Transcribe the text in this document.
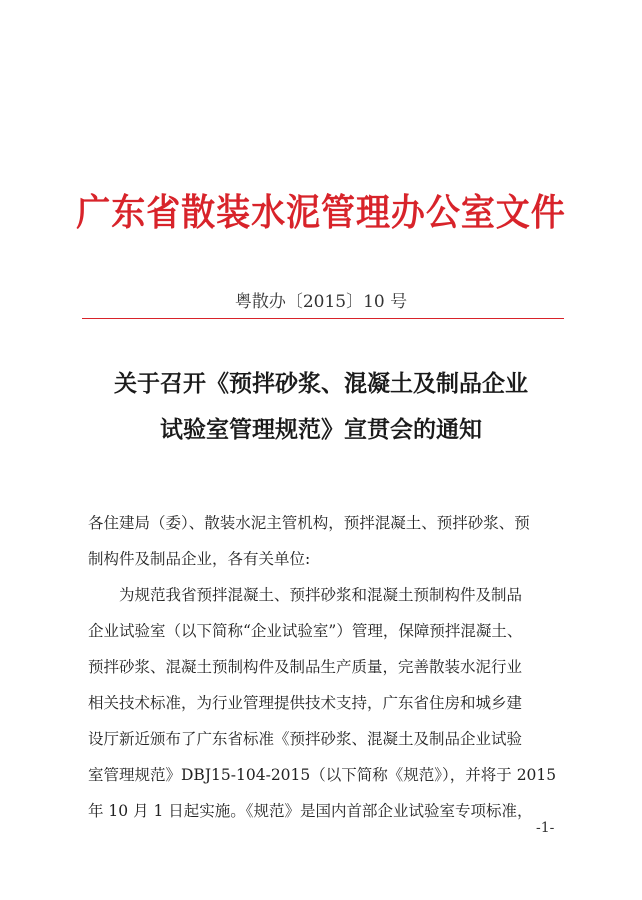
广东省散装水泥管理办公室文件
粤散办〔2015〕10 号
关于召开《预拌砂浆、混凝土及制品企业
试验室管理规范》宣贯会的通知
各住建局（委）、散装水泥主管机构，预拌混凝土、预拌砂浆、预
制构件及制品企业，各有关单位:
　　为规范我省预拌混凝土、预拌砂浆和混凝土预制构件及制品
企业试验室（以下简称“企业试验室”）管理，保障预拌混凝土、
预拌砂浆、混凝土预制构件及制品生产质量，完善散装水泥行业
相关技术标准，为行业管理提供技术支持，广东省住房和城乡建
设厅新近颁布了广东省标准《预拌砂浆、混凝土及制品企业试验
室管理规范》DBJ15-104-2015（以下简称《规范》），并将于 2015
年 10 月 1 日起实施。《规范》是国内首部企业试验室专项标准，
-1-
